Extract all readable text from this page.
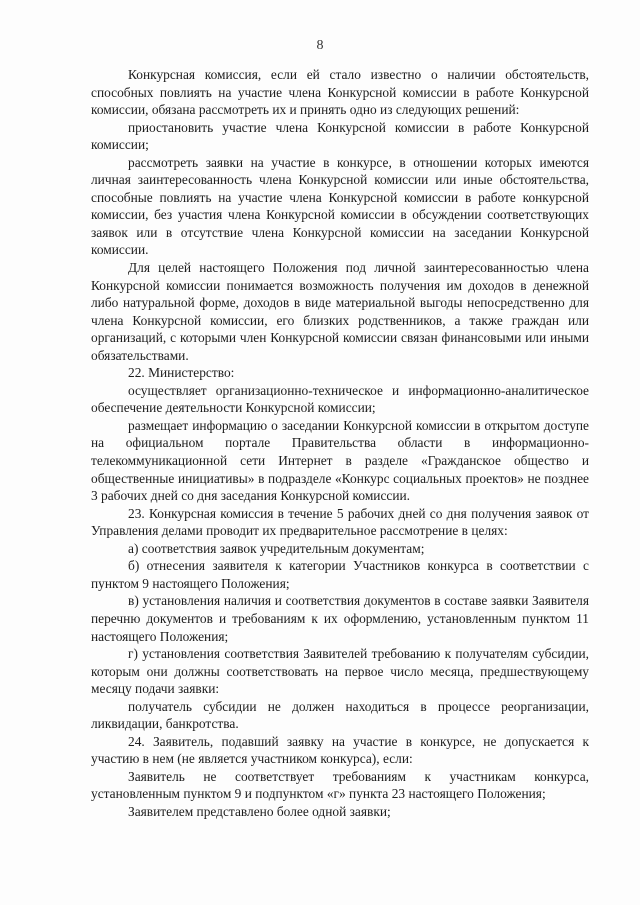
8

Конкурсная комиссия, если ей стало известно о наличии обстоятельств, способных повлиять на участие члена Конкурсной комиссии в работе Конкурсной комиссии, обязана рассмотреть их и принять одно из следующих решений:

приостановить участие члена Конкурсной комиссии в работе Конкурсной комиссии;

рассмотреть заявки на участие в конкурсе, в отношении которых имеются личная заинтересованность члена Конкурсной комиссии или иные обстоятельства, способные повлиять на участие члена Конкурсной комиссии в работе конкурсной комиссии, без участия члена Конкурсной комиссии в обсуждении соответствующих заявок или в отсутствие члена Конкурсной комиссии на заседании Конкурсной комиссии.

Для целей настоящего Положения под личной заинтересованностью члена Конкурсной комиссии понимается возможность получения им доходов в денежной либо натуральной форме, доходов в виде материальной выгоды непосредственно для члена Конкурсной комиссии, его близких родственников, а также граждан или организаций, с которыми член Конкурсной комиссии связан финансовыми или иными обязательствами.

22. Министерство:

осуществляет организационно-техническое и информационно-аналитическое обеспечение деятельности Конкурсной комиссии;

размещает информацию о заседании Конкурсной комиссии в открытом доступе на официальном портале Правительства области в информационно-телекоммуникационной сети Интернет в разделе «Гражданское общество и общественные инициативы» в подразделе «Конкурс социальных проектов» не позднее 3 рабочих дней со дня заседания Конкурсной комиссии.

23. Конкурсная комиссия в течение 5 рабочих дней со дня получения заявок от Управления делами проводит их предварительное рассмотрение в целях:

а) соответствия заявок учредительным документам;

б) отнесения заявителя к категории Участников конкурса в соответствии с пунктом 9 настоящего Положения;

в) установления наличия и соответствия документов в составе заявки Заявителя перечню документов и требованиям к их оформлению, установленным пунктом 11 настоящего Положения;

г) установления соответствия Заявителей требованию к получателям субсидии, которым они должны соответствовать на первое число месяца, предшествующему месяцу подачи заявки:

получатель субсидии не должен находиться в процессе реорганизации, ликвидации, банкротства.

24. Заявитель, подавший заявку на участие в конкурсе, не допускается к участию в нем (не является участником конкурса), если:

Заявитель не соответствует требованиям к участникам конкурса, установленным пунктом 9 и подпунктом «г» пункта 23 настоящего Положения;

Заявителем представлено более одной заявки;
